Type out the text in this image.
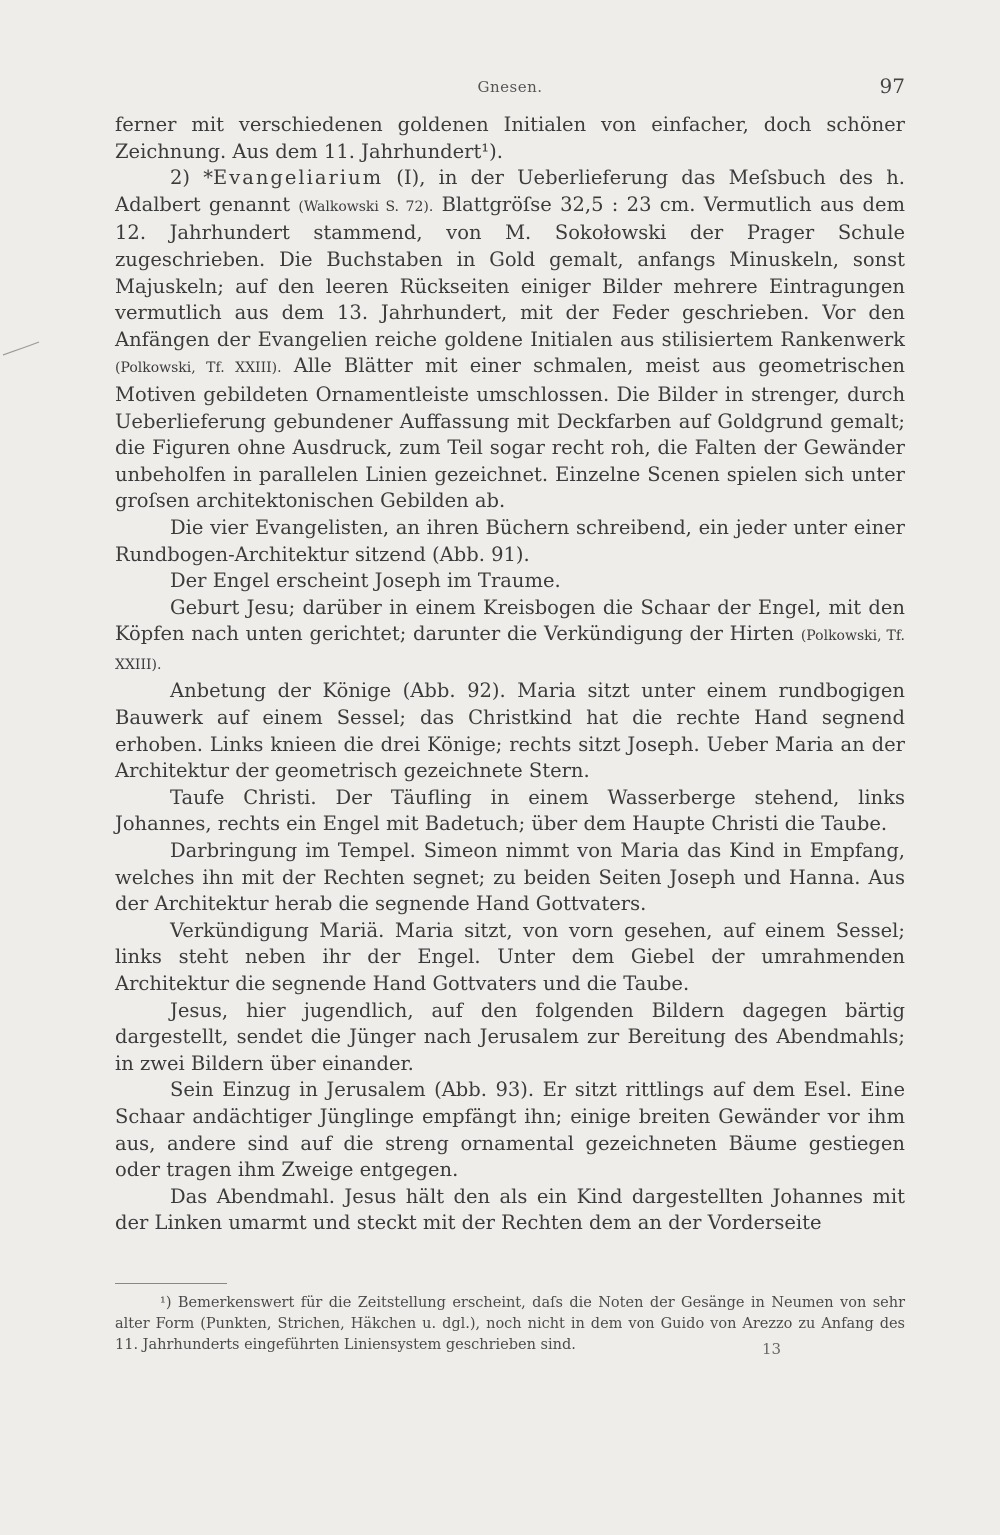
Gnesen.	97

ferner mit verschiedenen goldenen Initialen von einfacher, doch schöner Zeichnung. Aus dem 11. Jahrhundert¹).

2) *Evangeliarium (I), in der Ueberlieferung das Meſsbuch des h. Adalbert genannt (Walkowski S. 72). Blattgröſse 32,5 : 23 cm. Vermutlich aus dem 12. Jahrhundert stammend, von M. Sokołowski der Prager Schule zugeschrieben. Die Buchstaben in Gold gemalt, anfangs Minuskeln, sonst Majuskeln; auf den leeren Rückseiten einiger Bilder mehrere Eintragungen vermutlich aus dem 13. Jahrhundert, mit der Feder geschrieben. Vor den Anfängen der Evangelien reiche goldene Initialen aus stilisiertem Rankenwerk (Polkowski, Tf. XXIII). Alle Blätter mit einer schmalen, meist aus geometrischen Motiven gebildeten Ornamentleiste umschlossen. Die Bilder in strenger, durch Ueberlieferung gebundener Auffassung mit Deckfarben auf Goldgrund gemalt; die Figuren ohne Ausdruck, zum Teil sogar recht roh, die Falten der Gewänder unbeholfen in parallelen Linien gezeichnet. Einzelne Scenen spielen sich unter groſsen architektonischen Gebilden ab.

Die vier Evangelisten, an ihren Büchern schreibend, ein jeder unter einer Rundbogen-Architektur sitzend (Abb. 91).

Der Engel erscheint Joseph im Traume.

Geburt Jesu; darüber in einem Kreisbogen die Schaar der Engel, mit den Köpfen nach unten gerichtet; darunter die Verkündigung der Hirten (Polkowski, Tf. XXIII).

Anbetung der Könige (Abb. 92). Maria sitzt unter einem rundbogigen Bauwerk auf einem Sessel; das Christkind hat die rechte Hand segnend erhoben. Links knieen die drei Könige; rechts sitzt Joseph. Ueber Maria an der Architektur der geometrisch gezeichnete Stern.

Taufe Christi. Der Täufling in einem Wasserberge stehend, links Johannes, rechts ein Engel mit Badetuch; über dem Haupte Christi die Taube.

Darbringung im Tempel. Simeon nimmt von Maria das Kind in Empfang, welches ihn mit der Rechten segnet; zu beiden Seiten Joseph und Hanna. Aus der Architektur herab die segnende Hand Gottvaters.

Verkündigung Mariä. Maria sitzt, von vorn gesehen, auf einem Sessel; links steht neben ihr der Engel. Unter dem Giebel der umrahmenden Architektur die segnende Hand Gottvaters und die Taube.

Jesus, hier jugendlich, auf den folgenden Bildern dagegen bärtig dargestellt, sendet die Jünger nach Jerusalem zur Bereitung des Abendmahls; in zwei Bildern über einander.

Sein Einzug in Jerusalem (Abb. 93). Er sitzt rittlings auf dem Esel. Eine Schaar andächtiger Jünglinge empfängt ihn; einige breiten Gewänder vor ihm aus, andere sind auf die streng ornamental gezeichneten Bäume gestiegen oder tragen ihm Zweige entgegen.

Das Abendmahl. Jesus hält den als ein Kind dargestellten Johannes mit der Linken umarmt und steckt mit der Rechten dem an der Vorderseite

¹) Bemerkenswert für die Zeitstellung erscheint, daſs die Noten der Gesänge in Neumen von sehr alter Form (Punkten, Strichen, Häkchen u. dgl.), noch nicht in dem von Guido von Arezzo zu Anfang des 11. Jahrhunderts eingeführten Liniensystem geschrieben sind.	13
